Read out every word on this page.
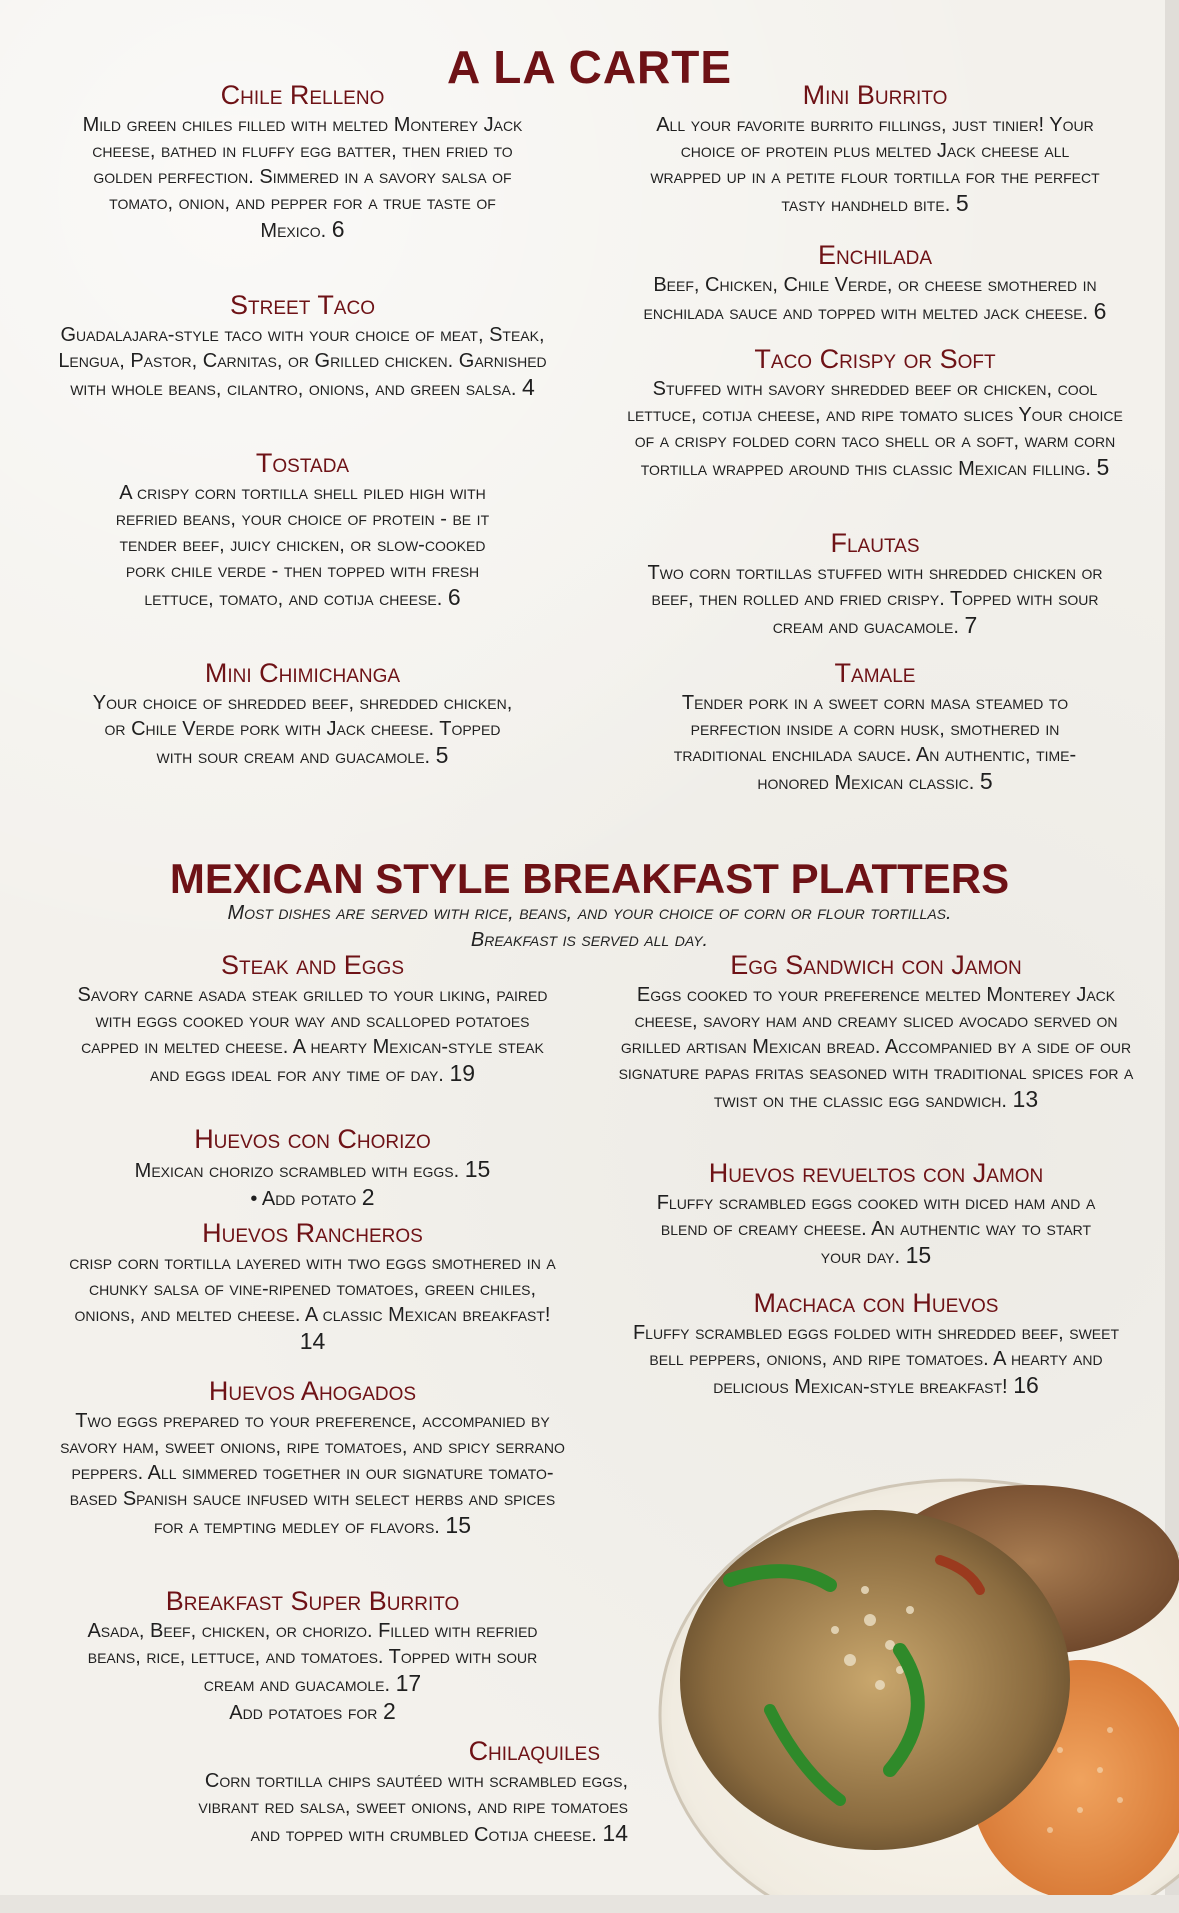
A LA CARTE
Chile Relleno

Mild green chiles filled with melted Monterey Jack cheese, bathed in fluffy egg batter, then fried to golden perfection. Simmered in a savory salsa of tomato, onion, and pepper for a true taste of Mexico. 6

Street Taco

Guadalajara-style taco with your choice of meat, Steak, Lengua, Pastor, Carnitas, or Grilled chicken. Garnished with whole beans, cilantro, onions, and green salsa. 4

Tostada

A crispy corn tortilla shell piled high with refried beans, your choice of protein - be it tender beef, juicy chicken, or slow-cooked pork chile verde - then topped with fresh lettuce, tomato, and cotija cheese. 6

Mini Chimichanga

Your choice of shredded beef, shredded chicken, or Chile Verde pork with Jack cheese. Topped with sour cream and guacamole. 5

Mini Burrito

All your favorite burrito fillings, just tinier! Your choice of protein plus melted Jack cheese all wrapped up in a petite flour tortilla for the perfect tasty handheld bite. 5

Enchilada

Beef, Chicken, Chile Verde, or cheese smothered in enchilada sauce and topped with melted jack cheese. 6

Taco Crispy or Soft

Stuffed with savory shredded beef or chicken, cool lettuce, cotija cheese, and ripe tomato slices Your choice of a crispy folded corn taco shell or a soft, warm corn tortilla wrapped around this classic Mexican filling. 5

Flautas

Two corn tortillas stuffed with shredded chicken or beef, then rolled and fried crispy. Topped with sour cream and guacamole. 7

Tamale

Tender pork in a sweet corn masa steamed to perfection inside a corn husk, smothered in traditional enchilada sauce. An authentic, time-honored Mexican classic. 5

MEXICAN STYLE BREAKFAST PLATTERS
Most dishes are served with rice, beans, and your choice of corn or flour tortillas.
Breakfast is served all day.
Steak and Eggs

Savory carne asada steak grilled to your liking, paired with eggs cooked your way and scalloped potatoes capped in melted cheese. A hearty Mexican-style steak and eggs ideal for any time of day. 19

Huevos con Chorizo

Mexican chorizo scrambled with eggs. 15

• Add potato 2

Huevos Rancheros

crisp corn tortilla layered with two eggs smothered in a chunky salsa of vine-ripened tomatoes, green chiles, onions, and melted cheese. A classic Mexican breakfast! 14

Huevos Ahogados

Two eggs prepared to your preference, accompanied by savory ham, sweet onions, ripe tomatoes, and spicy serrano peppers. All simmered together in our signature tomato-based Spanish sauce infused with select herbs and spices for a tempting medley of flavors. 15

Breakfast Super Burrito

Asada, Beef, chicken, or chorizo. Filled with refried beans, rice, lettuce, and tomatoes. Topped with sour cream and guacamole. 17

Add potatoes for 2

Chilaquiles

Corn tortilla chips sautéed with scrambled eggs, vibrant red salsa, sweet onions, and ripe tomatoes and topped with crumbled Cotija cheese. 14

Egg Sandwich con Jamon

Eggs cooked to your preference melted Monterey Jack cheese, savory ham and creamy sliced avocado served on grilled artisan Mexican bread. Accompanied by a side of our signature papas fritas seasoned with traditional spices for a twist on the classic egg sandwich. 13

Huevos revueltos con Jamon

Fluffy scrambled eggs cooked with diced ham and a blend of creamy cheese. An authentic way to start your day. 15

Machaca con Huevos

Fluffy scrambled eggs folded with shredded beef, sweet bell peppers, onions, and ripe tomatoes. A hearty and delicious Mexican-style breakfast! 16
